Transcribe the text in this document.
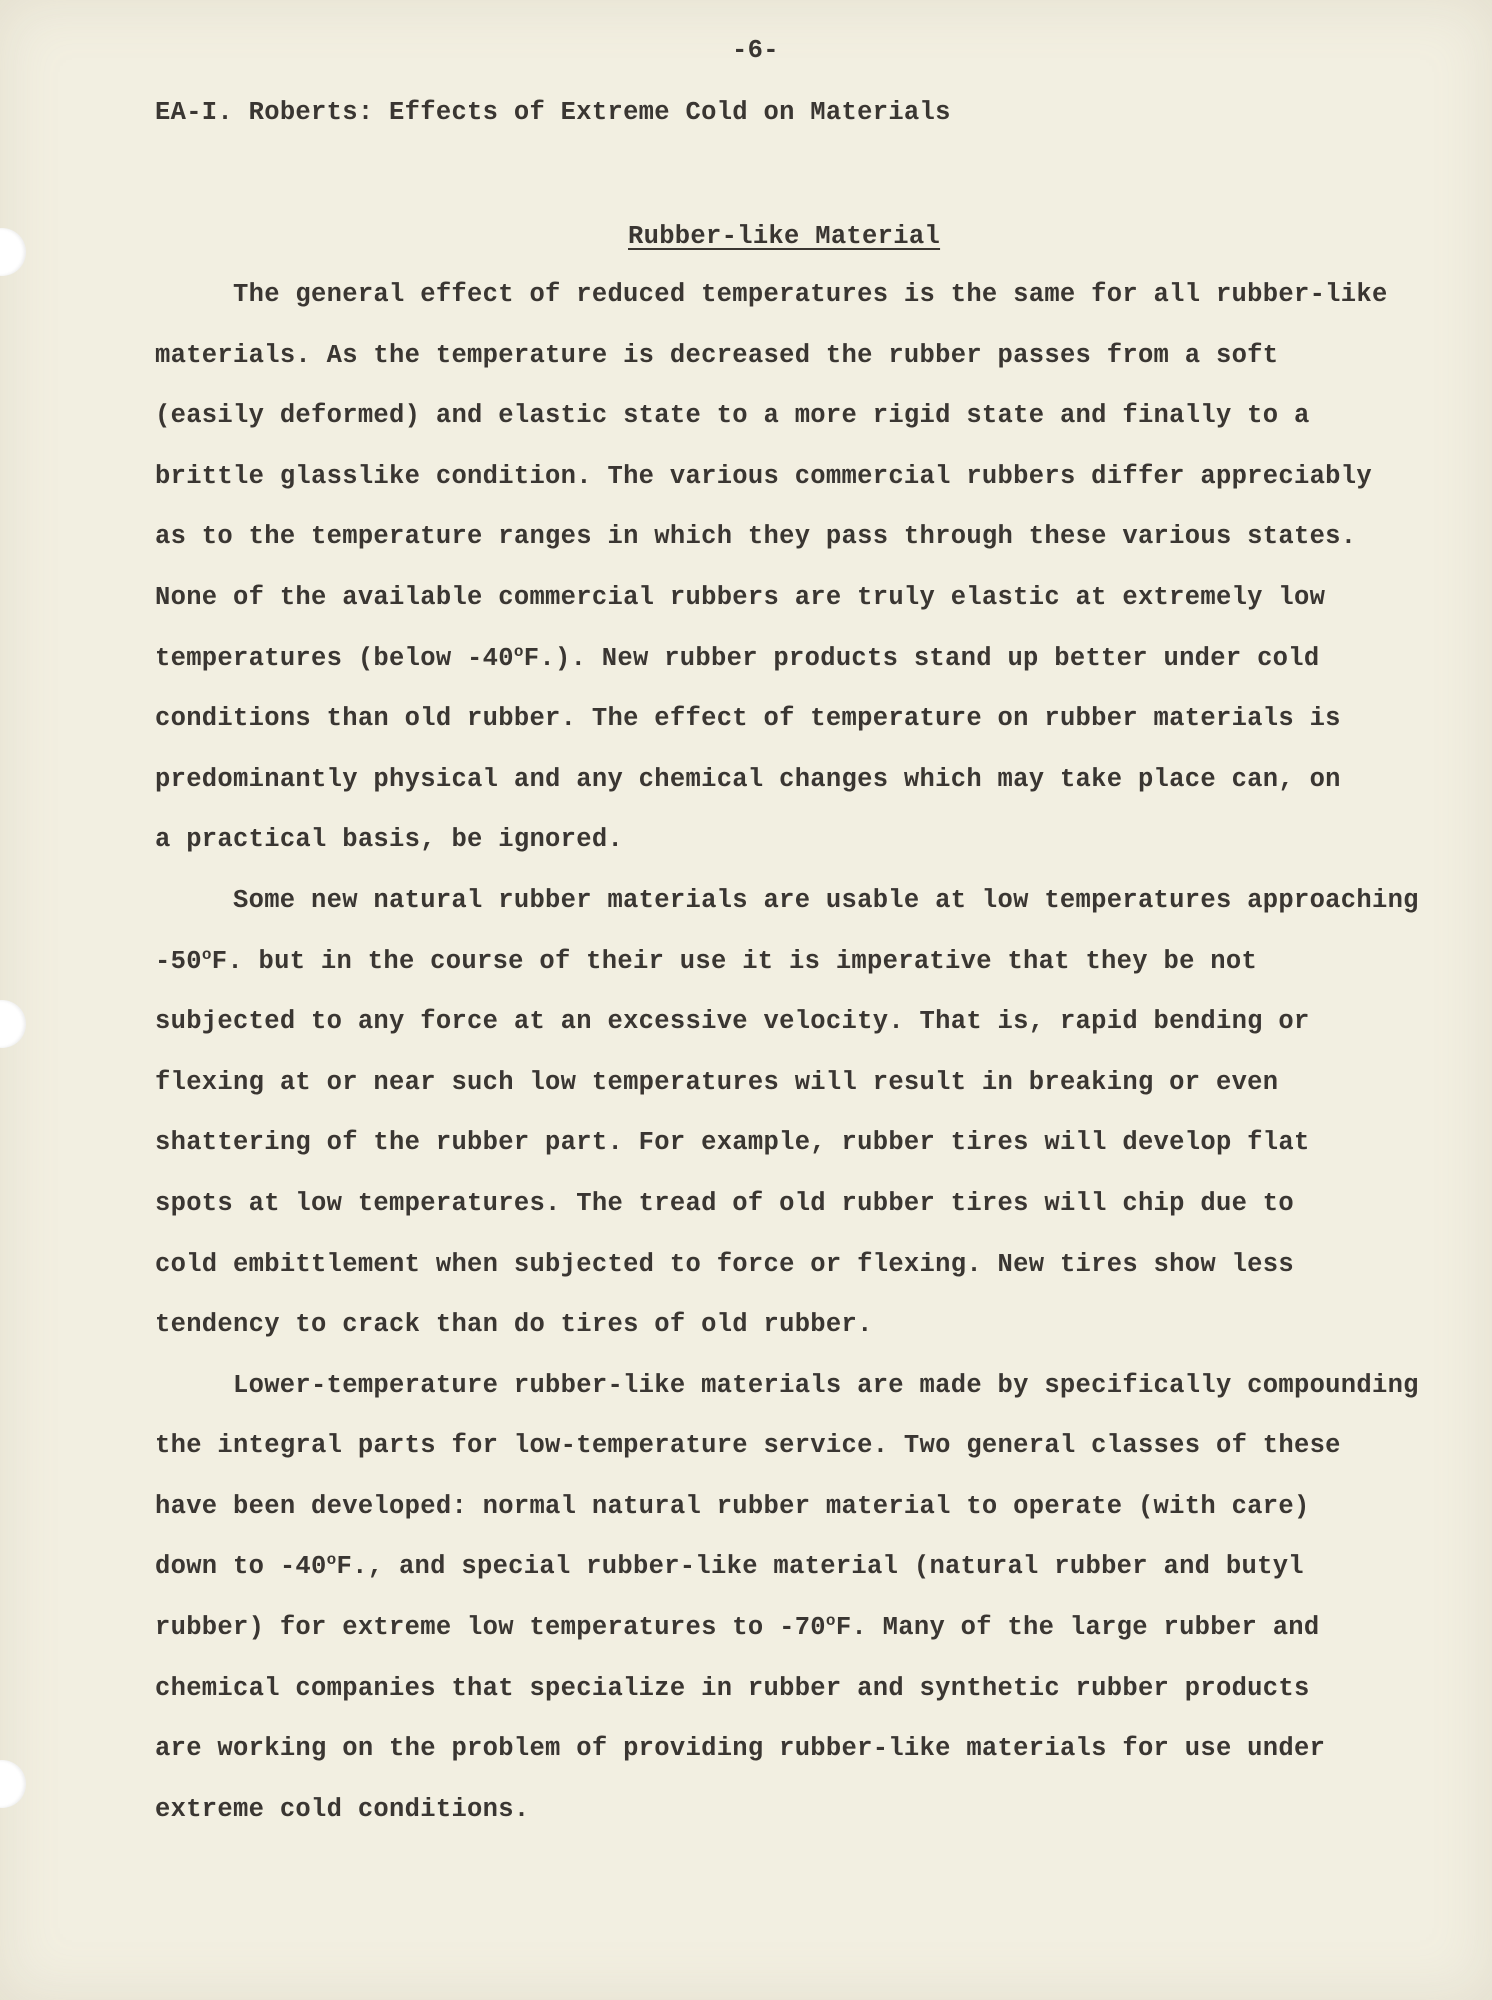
-6-
EA-I. Roberts: Effects of Extreme Cold on Materials
Rubber-like Material
The general effect of reduced temperatures is the same for all rubber-like
materials. As the temperature is decreased the rubber passes from a soft
(easily deformed) and elastic state to a more rigid state and finally to a
brittle glasslike condition. The various commercial rubbers differ appreciably
as to the temperature ranges in which they pass through these various states.
None of the available commercial rubbers are truly elastic at extremely low
temperatures (below -40$^o$F.). New rubber products stand up better under cold
conditions than old rubber. The effect of temperature on rubber materials is
predominantly physical and any chemical changes which may take place can, on
a practical basis, be ignored.
Some new natural rubber materials are usable at low temperatures approaching
-50$^o$F. but in the course of their use it is imperative that they be not
subjected to any force at an excessive velocity. That is, rapid bending or
flexing at or near such low temperatures will result in breaking or even
shattering of the rubber part. For example, rubber tires will develop flat
spots at low temperatures. The tread of old rubber tires will chip due to
cold embittlement when subjected to force or flexing. New tires show less
tendency to crack than do tires of old rubber.
Lower-temperature rubber-like materials are made by specifically compounding
the integral parts for low-temperature service. Two general classes of these
have been developed: normal natural rubber material to operate (with care)
down to -40$^o$F., and special rubber-like material (natural rubber and butyl
rubber) for extreme low temperatures to -70$^o$F. Many of the large rubber and
chemical companies that specialize in rubber and synthetic rubber products
are working on the problem of providing rubber-like materials for use under
extreme cold conditions.
